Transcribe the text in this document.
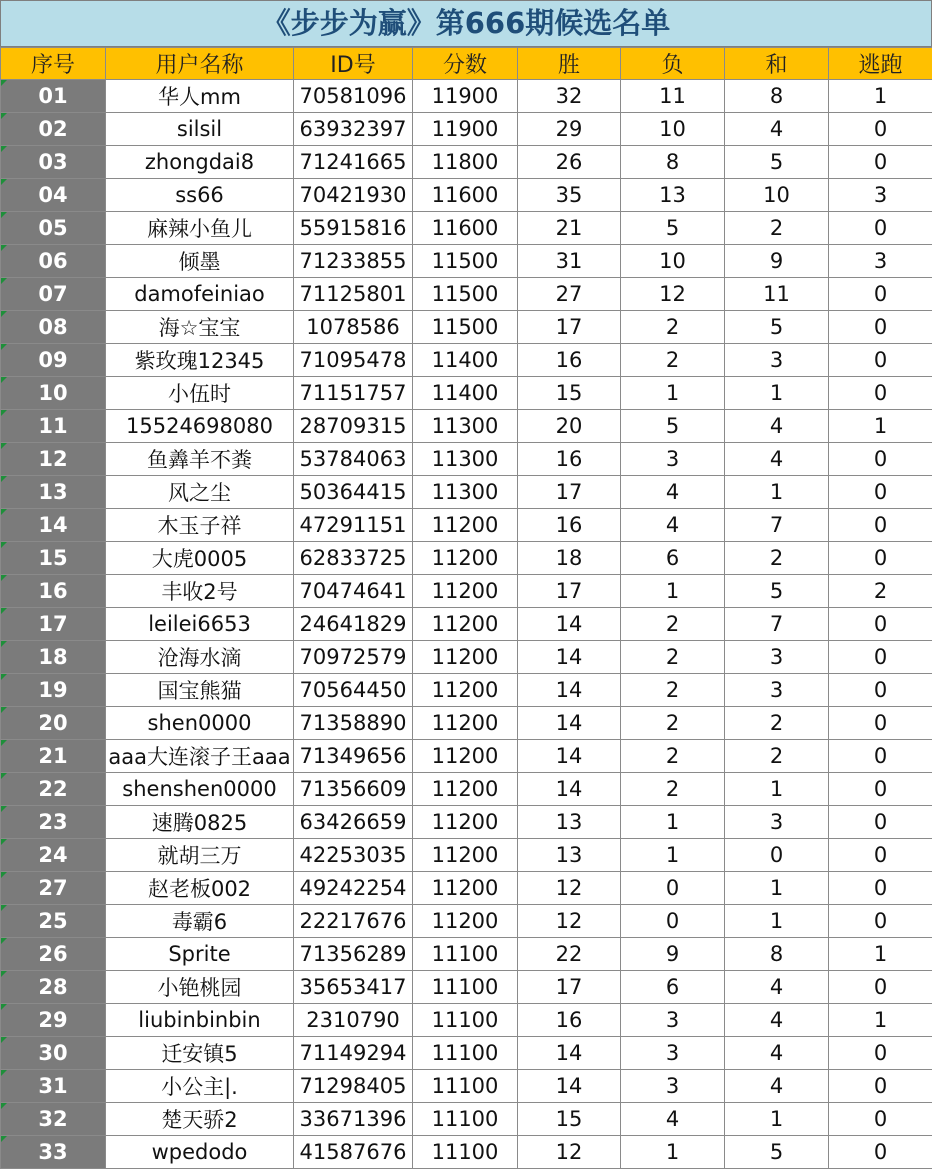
《步步为赢》第666期候选名单
序号	用户名称	ID号	分数	胜	负	和	逃跑
01	华人mm	70581096	11900	32	11	8	1
02	silsil	63932397	11900	29	10	4	0
03	zhongdai8	71241665	11800	26	8	5	0
04	ss66	70421930	11600	35	13	10	3
05	麻辣小鱼儿	55915816	11600	21	5	2	0
06	倾墨	71233855	11500	31	10	9	3
07	damofeiniao	71125801	11500	27	12	11	0
08	海☆宝宝	1078586	11500	17	2	5	0
09	紫玫瑰12345	71095478	11400	16	2	3	0
10	小伍时	71151757	11400	15	1	1	0
11	15524698080	28709315	11300	20	5	4	1
12	鱼羴羊不粪	53784063	11300	16	3	4	0
13	风之尘	50364415	11300	17	4	1	0
14	木玉子祥	47291151	11200	16	4	7	0
15	大虎0005	62833725	11200	18	6	2	0
16	丰收2号	70474641	11200	17	1	5	2
17	leilei6653	24641829	11200	14	2	7	0
18	沧海水滴	70972579	11200	14	2	3	0
19	国宝熊猫	70564450	11200	14	2	3	0
20	shen0000	71358890	11200	14	2	2	0
21	aaa大连滚子王aaa	71349656	11200	14	2	2	0
22	shenshen0000	71356609	11200	14	2	1	0
23	速腾0825	63426659	11200	13	1	3	0
24	就胡三万	42253035	11200	13	1	0	0
27	赵老板002	49242254	11200	12	0	1	0
25	毒霸6	22217676	11200	12	0	1	0
26	Sprite	71356289	11100	22	9	8	1
28	小铯桃园	35653417	11100	17	6	4	0
29	liubinbinbin	2310790	11100	16	3	4	1
30	迁安镇5	71149294	11100	14	3	4	0
31	小公主|.	71298405	11100	14	3	4	0
32	楚天骄2	33671396	11100	15	4	1	0
33	wpedodo	41587676	11100	12	1	5	0
